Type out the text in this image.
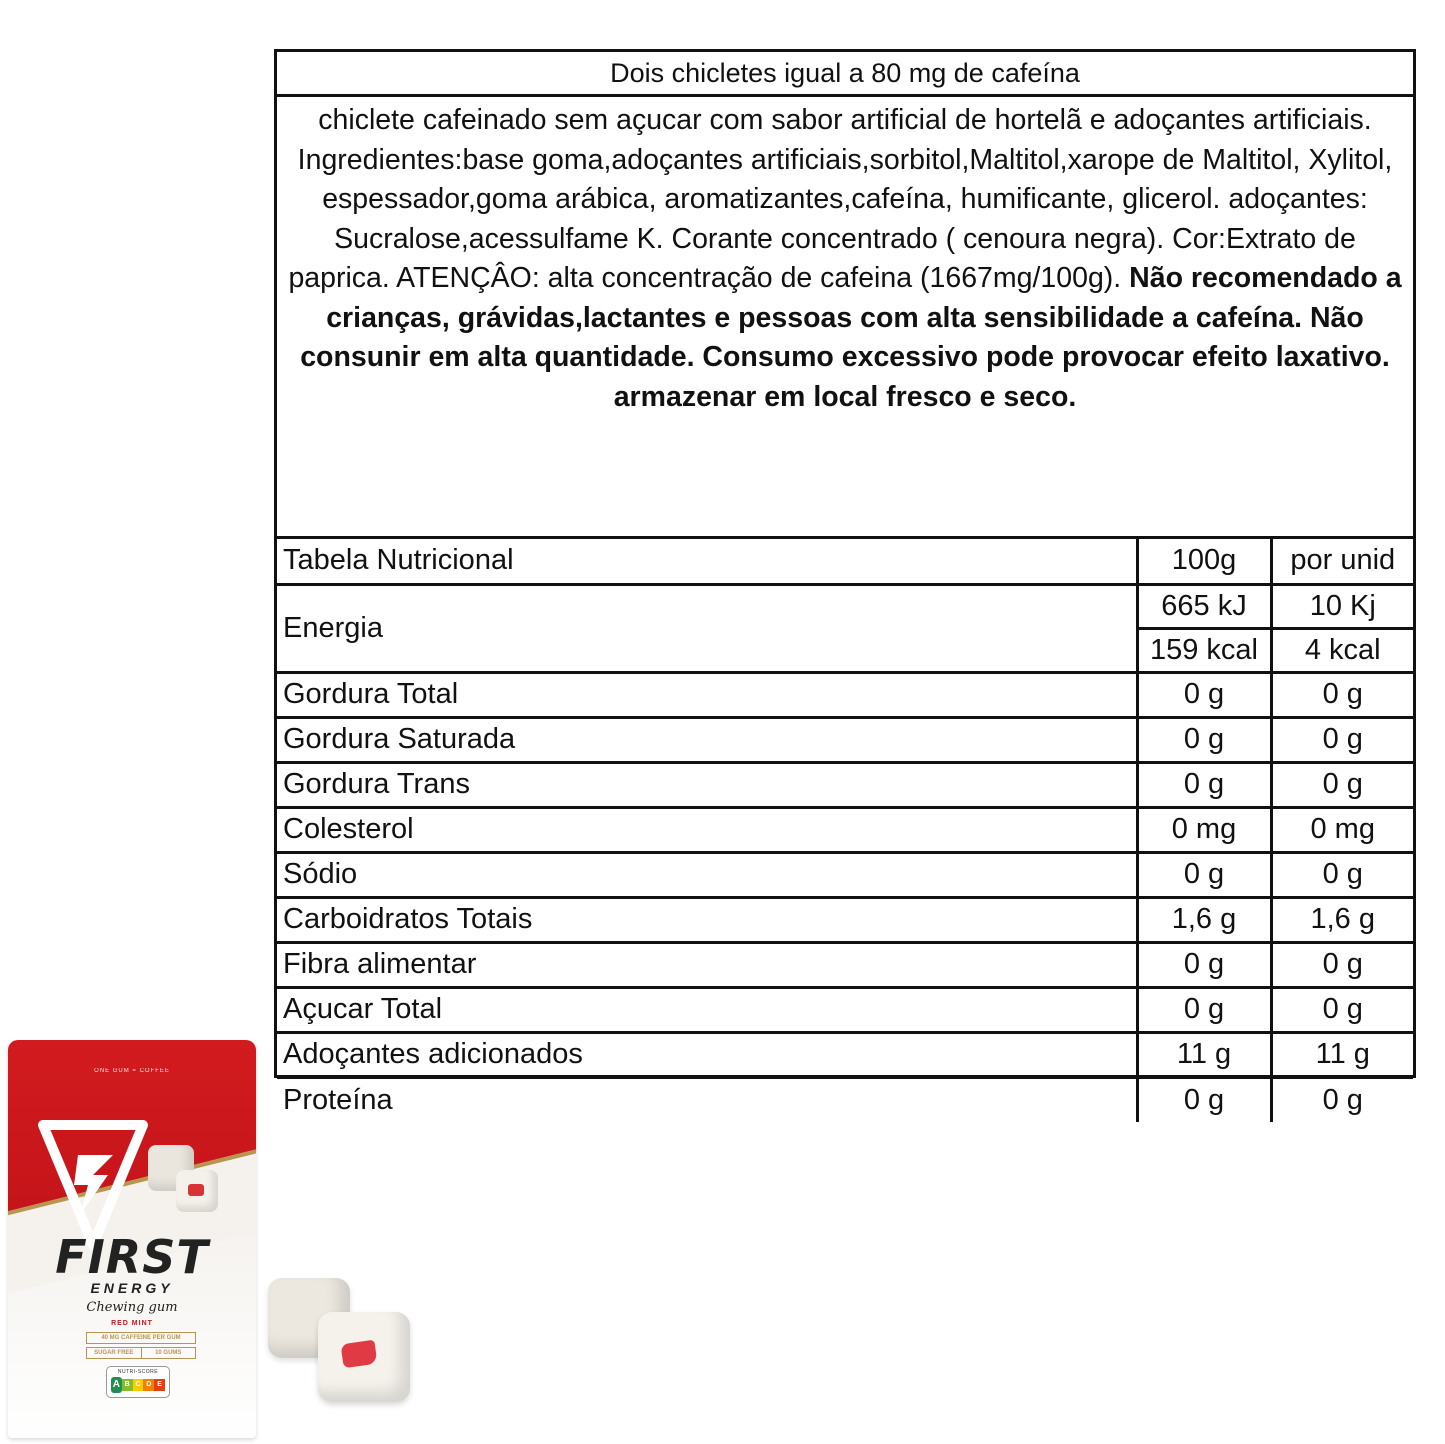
Dois chicletes igual a 80 mg de cafeína
chiclete cafeinado sem açucar com sabor artificial de hortelã e adoçantes artificiais. Ingredientes:base goma,adoçantes artificiais,sorbitol,Maltitol,xarope de Maltitol, Xylitol, espessador,goma arábica, aromatizantes,cafeína, humificante, glicerol. adoçantes: Sucralose,acessulfame K. Corante concentrado ( cenoura negra). Cor:Extrato de paprica. ATENÇÂO: alta concentração de cafeina (1667mg/100g). Não recomendado a crianças, grávidas,lactantes e pessoas com alta sensibilidade a cafeína. Não consunir em alta quantidade. Consumo excessivo pode provocar efeito laxativo. armazenar em local fresco e seco.
Tabela Nutricional	100g	por unid
Energia	665 kJ	10 Kj
	159 kcal	4 kcal
Gordura Total	0 g	0 g
Gordura Saturada	0 g	0 g
Gordura Trans	0 g	0 g
Colesterol	0 mg	0 mg
Sódio	0 g	0 g
Carboidratos Totais	1,6 g	1,6 g
Fibra alimentar	0 g	0 g
Açucar Total	0 g	0 g
Adoçantes adicionados	11 g	11 g
Proteína	0 g	0 g
ONE GUM = COFFEE
FIRST
ENERGY
Chewing gum
RED MINT
40 MG CAFFEINE PER GUM
SUGAR FREE	10 GUMS
NUTRI-SCORE
A B C D E
